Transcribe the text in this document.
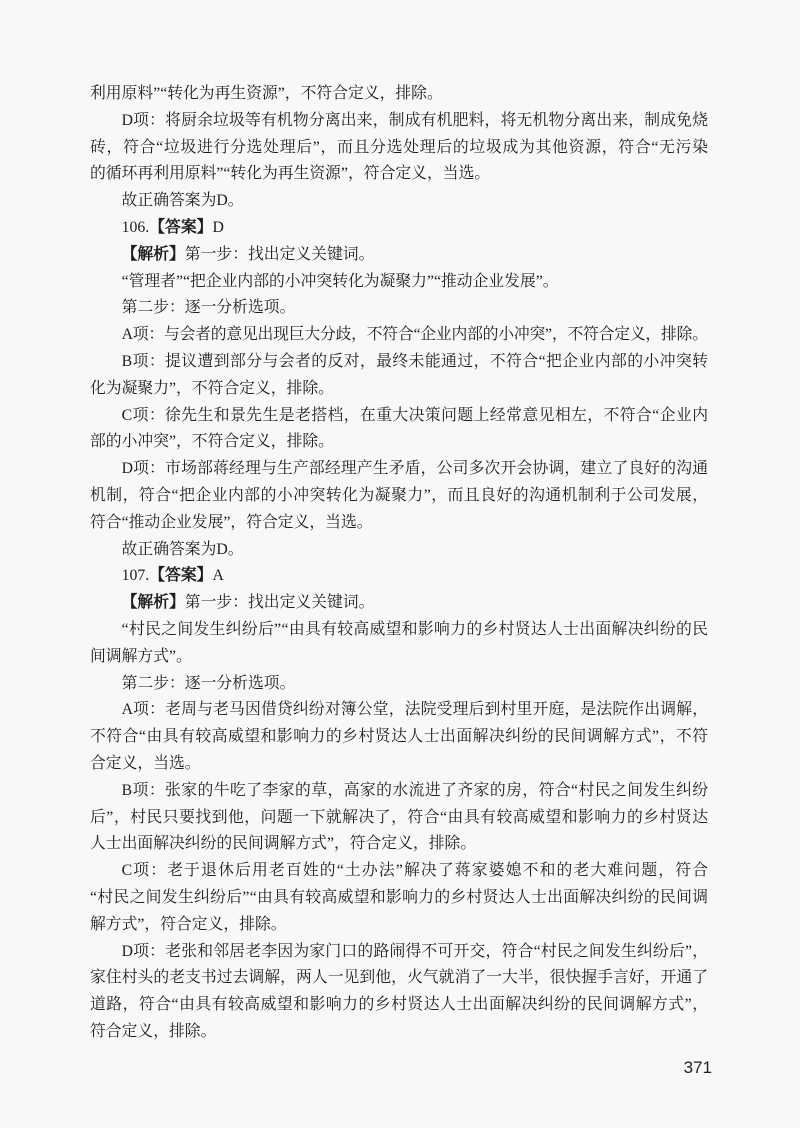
利用原料”“转化为再生资源”，不符合定义，排除。
D项：将厨余垃圾等有机物分离出来，制成有机肥料，将无机物分离出来，制成免烧
砖，符合“垃圾进行分选处理后”，而且分选处理后的垃圾成为其他资源，符合“无污染
的循环再利用原料”“转化为再生资源”，符合定义，当选。
故正确答案为D。
106.【答案】D
【解析】第一步：找出定义关键词。
“管理者”“把企业内部的小冲突转化为凝聚力”“推动企业发展”。
第二步：逐一分析选项。
A项：与会者的意见出现巨大分歧，不符合“企业内部的小冲突”，不符合定义，排除。
B项：提议遭到部分与会者的反对，最终未能通过，不符合“把企业内部的小冲突转
化为凝聚力”，不符合定义，排除。
C项：徐先生和景先生是老搭档，在重大决策问题上经常意见相左，不符合“企业内
部的小冲突”，不符合定义，排除。
D项：市场部蒋经理与生产部经理产生矛盾，公司多次开会协调，建立了良好的沟通
机制，符合“把企业内部的小冲突转化为凝聚力”，而且良好的沟通机制利于公司发展，
符合“推动企业发展”，符合定义，当选。
故正确答案为D。
107.【答案】A
【解析】第一步：找出定义关键词。
“村民之间发生纠纷后”“由具有较高威望和影响力的乡村贤达人士出面解决纠纷的民
间调解方式”。
第二步：逐一分析选项。
A项：老周与老马因借贷纠纷对簿公堂，法院受理后到村里开庭，是法院作出调解，
不符合“由具有较高威望和影响力的乡村贤达人士出面解决纠纷的民间调解方式”，不符
合定义，当选。
B项：张家的牛吃了李家的草，高家的水流进了齐家的房，符合“村民之间发生纠纷
后”，村民只要找到他，问题一下就解决了，符合“由具有较高威望和影响力的乡村贤达
人士出面解决纠纷的民间调解方式”，符合定义，排除。
C项：老于退休后用老百姓的“土办法”解决了蒋家婆媳不和的老大难问题，符合
“村民之间发生纠纷后”“由具有较高威望和影响力的乡村贤达人士出面解决纠纷的民间调
解方式”，符合定义，排除。
D项：老张和邻居老李因为家门口的路闹得不可开交，符合“村民之间发生纠纷后”，
家住村头的老支书过去调解，两人一见到他，火气就消了一大半，很快握手言好，开通了
道路，符合“由具有较高威望和影响力的乡村贤达人士出面解决纠纷的民间调解方式”，
符合定义，排除。
371
